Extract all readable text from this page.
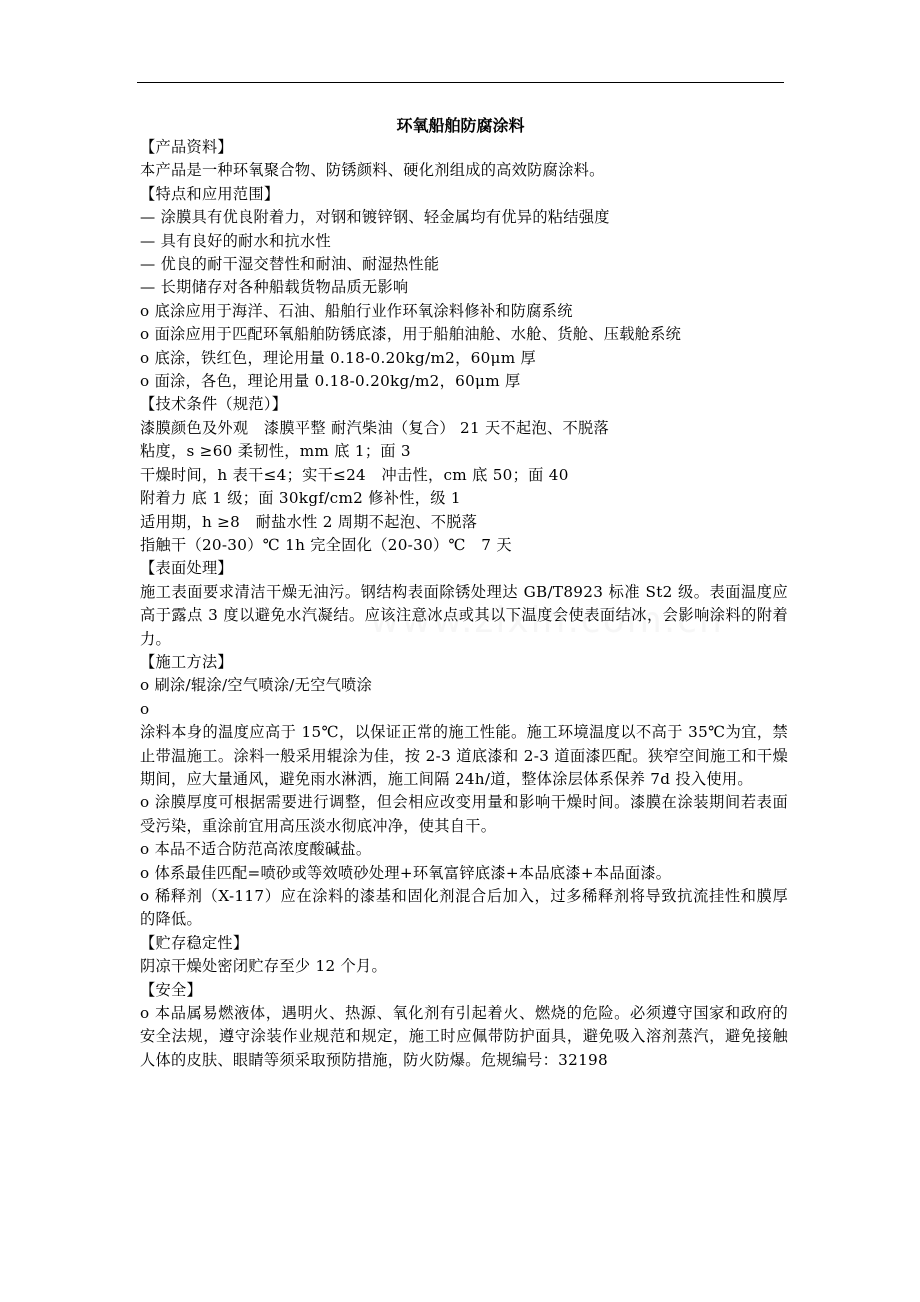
环氧船舶防腐涂料

【产品资料】

本产品是一种环氧聚合物、防锈颜料、硬化剂组成的高效防腐涂料。

【特点和应用范围】

— 涂膜具有优良附着力，对钢和镀锌钢、轻金属均有优异的粘结强度

— 具有良好的耐水和抗水性

— 优良的耐干湿交替性和耐油、耐湿热性能

— 长期储存对各种船载货物品质无影响

o 底涂应用于海洋、石油、船舶行业作环氧涂料修补和防腐系统

o 面涂应用于匹配环氧船舶防锈底漆，用于船舶油舱、水舱、货舱、压载舱系统

o 底涂，铁红色，理论用量 0.18-0.20kg/m2，60μm 厚

o 面涂，各色，理论用量 0.18-0.20kg/m2，60μm 厚

【技术条件（规范）】

漆膜颜色及外观　漆膜平整 耐汽柴油（复合） 21 天不起泡、不脱落

粘度，s ≥60 柔韧性，mm 底 1；面 3

干燥时间，h 表干≤4；实干≤24　冲击性，cm 底 50；面 40

附着力 底 1 级；面 30kgf/cm2 修补性，级 1

适用期，h ≥8　耐盐水性 2 周期不起泡、不脱落

指触干（20-30）℃ 1h 完全固化（20-30）℃　7 天

【表面处理】

施工表面要求清洁干燥无油污。钢结构表面除锈处理达 GB/T8923 标准 St2 级。表面温度应高于露点 3 度以避免水汽凝结。应该注意冰点或其以下温度会使表面结冰，会影响涂料的附着力。

【施工方法】

o 刷涂/辊涂/空气喷涂/无空气喷涂

o

涂料本身的温度应高于 15℃，以保证正常的施工性能。施工环境温度以不高于 35℃为宜，禁止带温施工。涂料一般采用辊涂为佳，按 2-3 道底漆和 2-3 道面漆匹配。狭窄空间施工和干燥期间，应大量通风，避免雨水淋洒，施工间隔 24h/道，整体涂层体系保养 7d 投入使用。

o 涂膜厚度可根据需要进行调整，但会相应改变用量和影响干燥时间。漆膜在涂装期间若表面受污染，重涂前宜用高压淡水彻底冲净，使其自干。

o 本品不适合防范高浓度酸碱盐。

o 体系最佳匹配=喷砂或等效喷砂处理+环氧富锌底漆+本品底漆+本品面漆。

o 稀释剂（X-117）应在涂料的漆基和固化剂混合后加入，过多稀释剂将导致抗流挂性和膜厚的降低。

【贮存稳定性】

阴凉干燥处密闭贮存至少 12 个月。

【安全】

o 本品属易燃液体，遇明火、热源、氧化剂有引起着火、燃烧的危险。必须遵守国家和政府的安全法规，遵守涂装作业规范和规定，施工时应佩带防护面具，避免吸入溶剂蒸汽，避免接触人体的皮肤、眼睛等须采取预防措施，防火防爆。危规编号：32198
